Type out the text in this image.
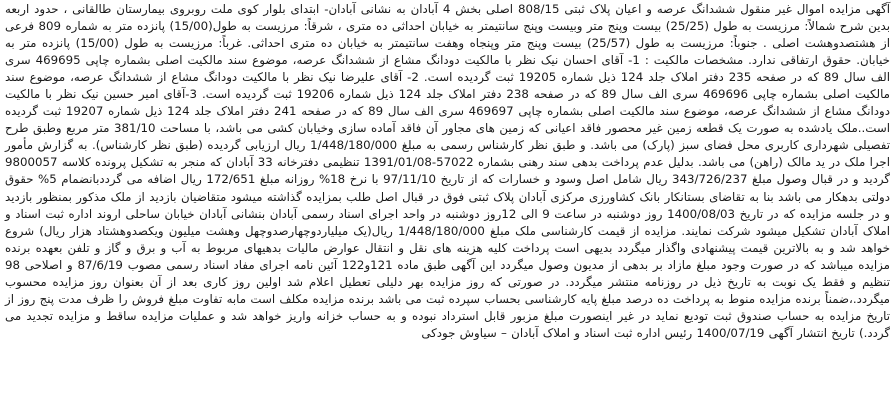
آگهی مزایده اموال غیر منقول ششدانگ عرصه و اعیان پلاک ثبتی 808/15 اصلی بخش 4 آبادان به نشانی آبادان- ابتدای بلوار کوی ملت روبروی بیمارستان طالقانی ، حدود اربعه بدین شرح شمالاً: مرزیست به طول (25/25) بیست وپنج متر وبیست وپنج سانتیمتر به خیابان احداثی ده متری ، شرقاً: مرزیست به طول(15/00) پانزده متر به شماره 809 فرعی از هشتصدوهشت اصلی . جنوباً: مرزیست به طول (25/57) بیست وپنج متر وپنجاه وهفت سانتیمتر به خیابان ده متری احداثی. غرباً: مرزیست به طول (15/00) پانزده متر به خیابان. حقوق ارتفاقی ندارد. مشخصات مالکیت : 1- آقای احسان نیک نظر با مالکیت دودانگ مشاع از ششدانگ عرصه، موضوع سند مالکیت اصلی بشماره چاپی 469695 سری الف سال 89 که در صفحه 235 دفتر املاک جلد 124 ذیل شماره 19205 ثبت گردیده است. 2- آقای علیرضا نیک نظر با مالکیت دودانگ مشاع از ششدانگ عرصه، موضوع سند مالکیت اصلی بشماره چاپی 469696 سری الف سال 89 که در صفحه 238 دفتر املاک جلد 124 ذیل شماره 19206 ثبت گردیده است. 3-آقای امیر حسین نیک نظر با مالکیت دودانگ مشاع از ششدانگ عرصه، موضوع سند مالکیت اصلی بشماره چاپی 469697 سری الف سال 89 که در صفحه 241 دفتر املاک جلد 124 ذیل شماره 19207 ثبت گردیده است..ملک یادشده به صورت یک قطعه زمین غیر محصور فاقد اعیانی که زمین های مجاور آن فاقد آماده سازی وخیابان کشی می باشد، با مساحت 381/10 متر مربع وطبق طرح تفصیلی شهرداری کاربری محل فضای سبز (پارک) می باشد. و طبق نظر کارشناس رسمی به مبلغ 1/448/180/000 ریال ارزیابی گردیده (طبق نظر کارشناس). به گزارش مأمور اجرا ملک در ید مالک (راهن) می باشد. بدلیل عدم پرداخت بدهی سند رهنی بشماره 57022-1391/01/08 تنظیمی دفترخانه 33 آبادان که منجر به تشکیل پرونده کلاسه 9800057 گردید و در قبال وصول مبلغ 343/726/237 ریال شامل اصل وسود و خسارات که از تاریخ 97/11/10 با نرخ 18% روزانه مبلغ 172/651 ریال اضافه می گرددبانضمام 5% حقوق دولتی بدهکار می باشد بنا به تقاضای بستانکار بانک کشاورزی مرکزی آبادان پلاک ثبتی فوق در قبال اصل طلب بمزایده گذاشته میشود متقاضیان بازدید از ملک مذکور بمنظور بازدید و در جلسه مزایده که در تاریخ 1400/08/03 روز دوشنبه در ساعت 9 الی 12روز دوشنبه در واحد اجرای اسناد رسمی آبادان بنشانی آبادان خیابان ساحلی اروند اداره ثبت اسناد و املاک آبادان تشکیل میشود شرکت نمایند. مزایده از قیمت کارشناسی ملک مبلغ 1/448/180/000 ریال(یک میلیاردوچهارصدوچهل وهشت میلیون ویکصدوهشتاد هزار ریال) شروع خواهد شد و به بالاترین قیمت پیشنهادی واگذار میگردد بدیهی است پرداخت کلیه هزینه های نقل و انتقال عوارض مالیات بدهیهای مربوط به آب و برق و گاز و تلفن بعهده برنده مزایده میباشد که در صورت وجود مبلغ مازاد بر بدهی از مدیون وصول میگردد این آگهی طبق ماده 121و122 آئین نامه اجرای مفاد اسناد رسمی مصوب 87/6/19 و اصلاحی 98 تنظیم و فقط یک نوبت به تاریخ ذیل در روزنامه منتشر میگردد. در صورتی که روز مزایده بهر دلیلی تعطیل اعلام شد اولین روز کاری بعد از آن بعنوان روز مزایده محسوب میگردد.،ضمناً برنده مزایده منوط به پرداخت ده درصد مبلغ پایه کارشناسی بحساب سپرده ثبت می باشد برنده مزایده مکلف است مابه تفاوت مبلغ فروش را ظرف مدت پنج روز از تاریخ مزایده به حساب صندوق ثبت تودیع نماید در غیر اینصورت مبلغ مزبور قابل استرداد نبوده و به حساب خزانه واریز خواهد شد و عملیات مزایده ساقط و مزایده تجدید می گردد.) تاریخ انتشار آگهی 1400/07/19 رئیس اداره ثبت اسناد و املاک آبادان – سیاوش جودکی
